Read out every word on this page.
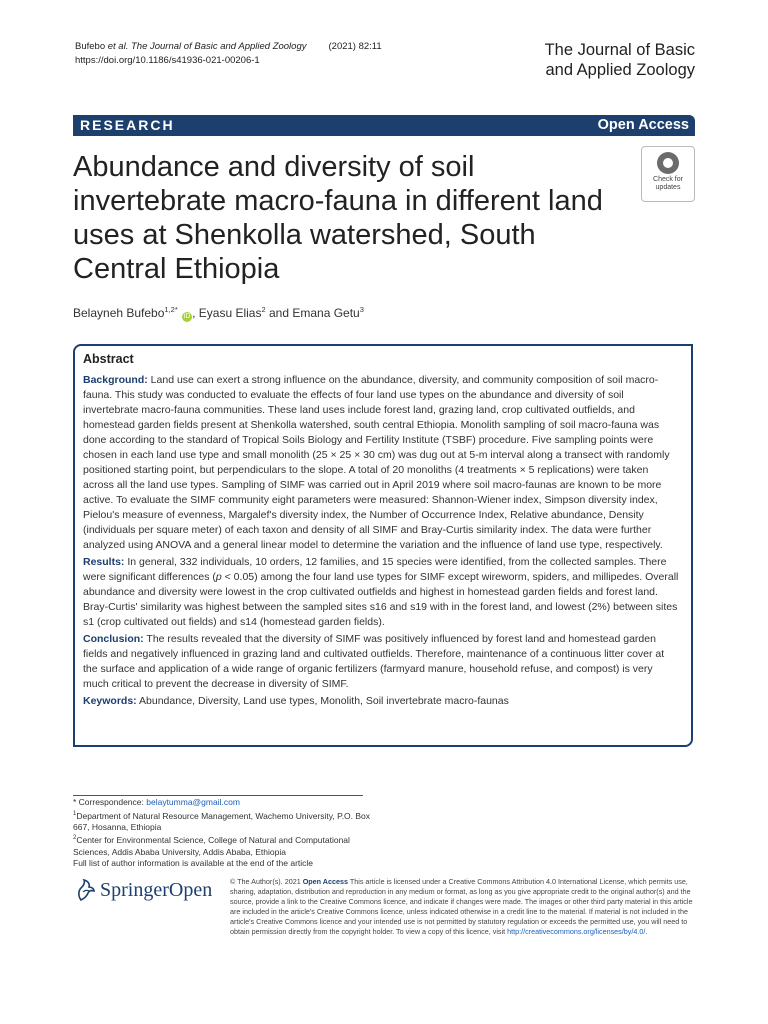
Bufebo et al. The Journal of Basic and Applied Zoology (2021) 82:11
https://doi.org/10.1186/s41936-021-00206-1
The Journal of Basic
and Applied Zoology
RESEARCH	Open Access
Abundance and diversity of soil invertebrate macro-fauna in different land uses at Shenkolla watershed, South Central Ethiopia
Check for
updates
Belayneh Bufebo$^{1,2*}$ iD , Eyasu Elias$^2$ and Emana Getu$^3$
Abstract

Background: Land use can exert a strong influence on the abundance, diversity, and community composition of soil macro-fauna. This study was conducted to evaluate the effects of four land use types on the abundance and diversity of soil invertebrate macro-fauna communities. These land uses include forest land, grazing land, crop cultivated outfields, and homestead garden fields present at Shenkolla watershed, south central Ethiopia. Monolith sampling of soil macro-fauna was done according to the standard of Tropical Soils Biology and Fertility Institute (TSBF) procedure. Five sampling points were chosen in each land use type and small monolith (25 × 25 × 30 cm) was dug out at 5-m interval along a transect with randomly positioned starting point, but perpendiculars to the slope. A total of 20 monoliths (4 treatments × 5 replications) were taken across all the land use types. Sampling of SIMF was carried out in April 2019 where soil macro-faunas are known to be more active. To evaluate the SIMF community eight parameters were measured: Shannon-Wiener index, Simpson diversity index, Pielou's measure of evenness, Margalef's diversity index, the Number of Occurrence Index, Relative abundance, Density (individuals per square meter) of each taxon and density of all SIMF and Bray-Curtis similarity index. The data were further analyzed using ANOVA and a general linear model to determine the variation and the influence of land use type, respectively.

Results: In general, 332 individuals, 10 orders, 12 families, and 15 species were identified, from the collected samples. There were significant differences (p < 0.05) among the four land use types for SIMF except wireworm, spiders, and millipedes. Overall abundance and diversity were lowest in the crop cultivated outfields and highest in homestead garden fields and forest land. Bray-Curtis' similarity was highest between the sampled sites s16 and s19 with in the forest land, and lowest (2%) between sites s1 (crop cultivated out fields) and s14 (homestead garden fields).

Conclusion: The results revealed that the diversity of SIMF was positively influenced by forest land and homestead garden fields and negatively influenced in grazing land and cultivated outfields. Therefore, maintenance of a continuous litter cover at the surface and application of a wide range of organic fertilizers (farmyard manure, household refuse, and compost) is very much critical to prevent the decrease in diversity of SIMF.

Keywords: Abundance, Diversity, Land use types, Monolith, Soil invertebrate macro-faunas

* Correspondence: belaytumma@gmail.com
$^1$Department of Natural Resource Management, Wachemo University, P.O. Box 667, Hosanna, Ethiopia
$^2$Center for Environmental Science, College of Natural and Computational Sciences, Addis Ababa University, Addis Ababa, Ethiopia
Full list of author information is available at the end of the article
SpringerOpen © The Author(s). 2021 Open Access This article is licensed under a Creative Commons Attribution 4.0 International License, which permits use, sharing, adaptation, distribution and reproduction in any medium or format, as long as you give appropriate credit to the original author(s) and the source, provide a link to the Creative Commons licence, and indicate if changes were made. The images or other third party material in this article are included in the article's Creative Commons licence, unless indicated otherwise in a credit line to the material. If material is not included in the article's Creative Commons licence and your intended use is not permitted by statutory regulation or exceeds the permitted use, you will need to obtain permission directly from the copyright holder. To view a copy of this licence, visit http://creativecommons.org/licenses/by/4.0/.
